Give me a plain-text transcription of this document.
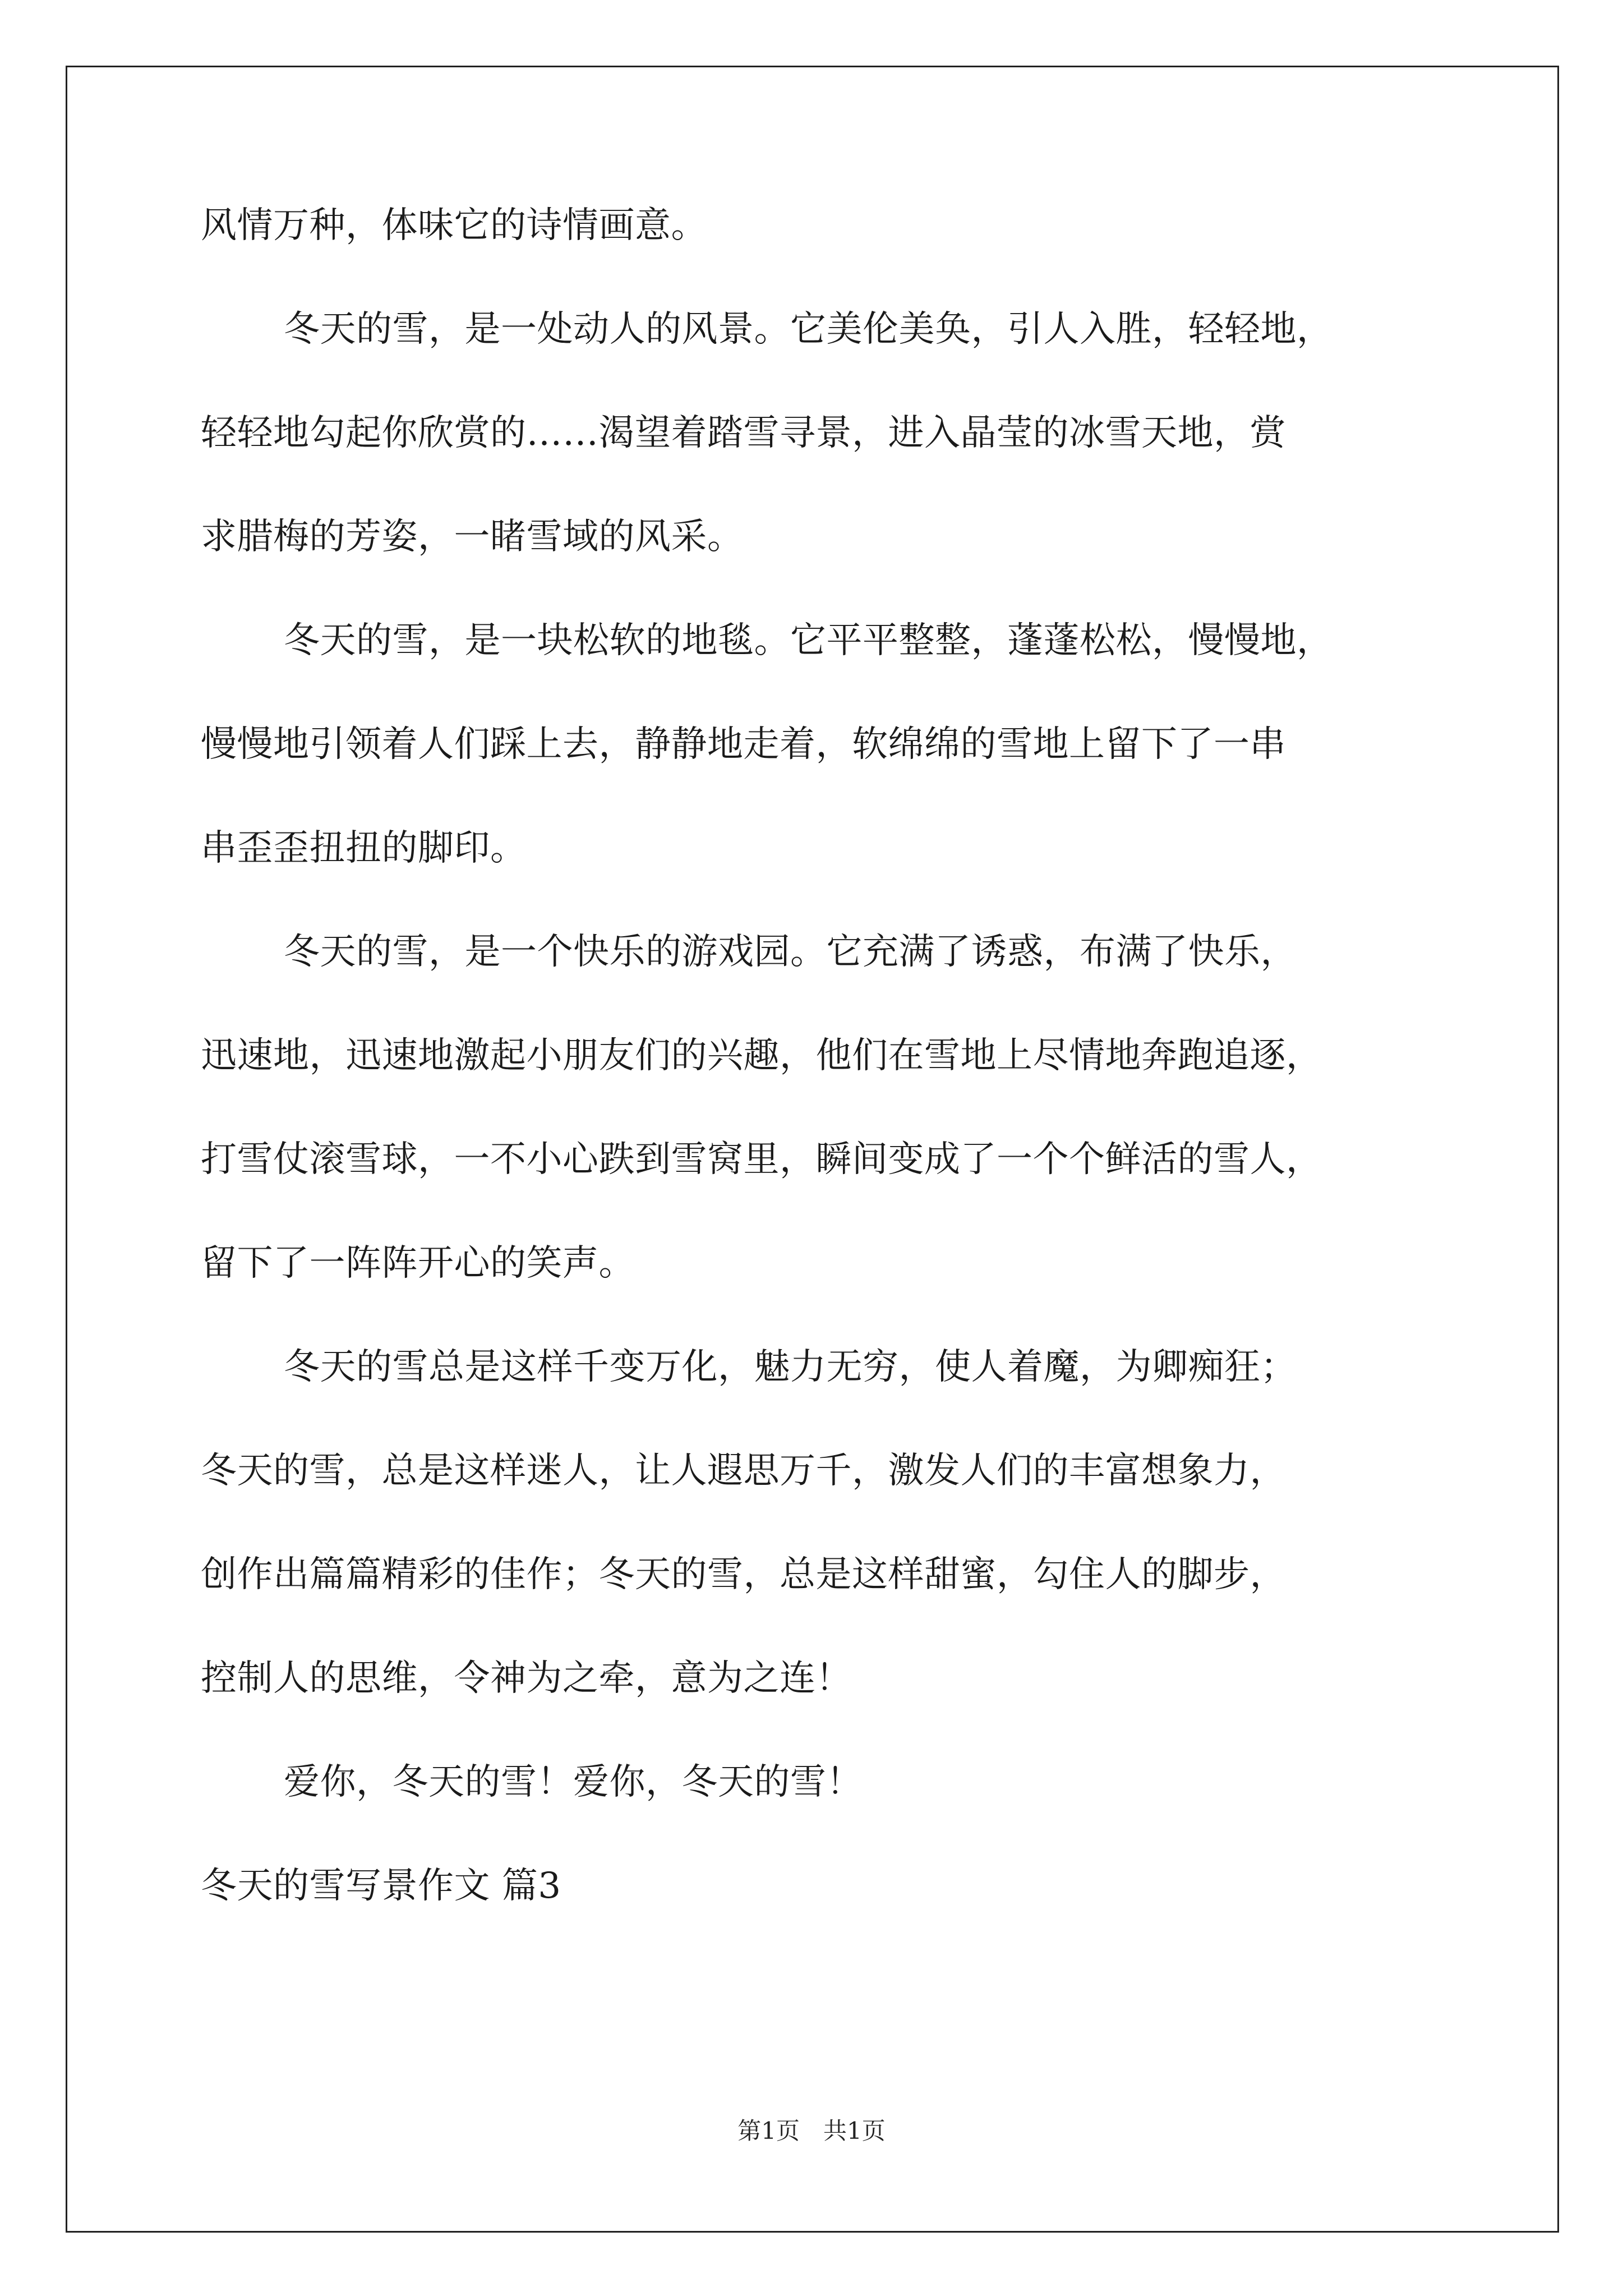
风情万种，体味它的诗情画意。
冬天的雪，是一处动人的风景。它美伦美奂，引人入胜，轻轻地，
轻轻地勾起你欣赏的……渴望着踏雪寻景，进入晶莹的冰雪天地，赏
求腊梅的芳姿，一睹雪域的风采。
冬天的雪，是一块松软的地毯。它平平整整，蓬蓬松松，慢慢地，
慢慢地引领着人们踩上去，静静地走着，软绵绵的雪地上留下了一串
串歪歪扭扭的脚印。
冬天的雪，是一个快乐的游戏园。它充满了诱惑，布满了快乐，
迅速地，迅速地激起小朋友们的兴趣，他们在雪地上尽情地奔跑追逐，
打雪仗滚雪球，一不小心跌到雪窝里，瞬间变成了一个个鲜活的雪人，
留下了一阵阵开心的笑声。
冬天的雪总是这样千变万化，魅力无穷，使人着魔，为卿痴狂；
冬天的雪，总是这样迷人，让人遐思万千，激发人们的丰富想象力，
创作出篇篇精彩的佳作；冬天的雪，总是这样甜蜜，勾住人的脚步，
控制人的思维，令神为之牵，意为之连！
爱你，冬天的雪！爱你，冬天的雪！
冬天的雪写景作文 篇3
第1页　共1页
